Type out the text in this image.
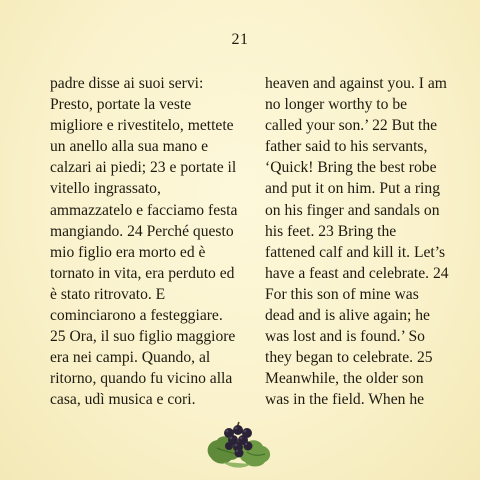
21
padre disse ai suoi servi:
Presto, portate la veste
migliore e rivestitelo, mettete
un anello alla sua mano e
calzari ai piedi; 23 e portate il
vitello ingrassato,
ammazzatelo e facciamo festa
mangiando. 24 Perché questo
mio figlio era morto ed è
tornato in vita, era perduto ed
è stato ritrovato. E
cominciarono a festeggiare.
25 Ora, il suo figlio maggiore
era nei campi. Quando, al
ritorno, quando fu vicino alla
casa, udì musica e cori.
heaven and against you. I am
no longer worthy to be
called your son.’ 22 But the
father said to his servants,
‘Quick! Bring the best robe
and put it on him. Put a ring
on his finger and sandals on
his feet. 23 Bring the
fattened calf and kill it. Let’s
have a feast and celebrate. 24
For this son of mine was
dead and is alive again; he
was lost and is found.’ So
they began to celebrate. 25
Meanwhile, the older son
was in the field. When he
